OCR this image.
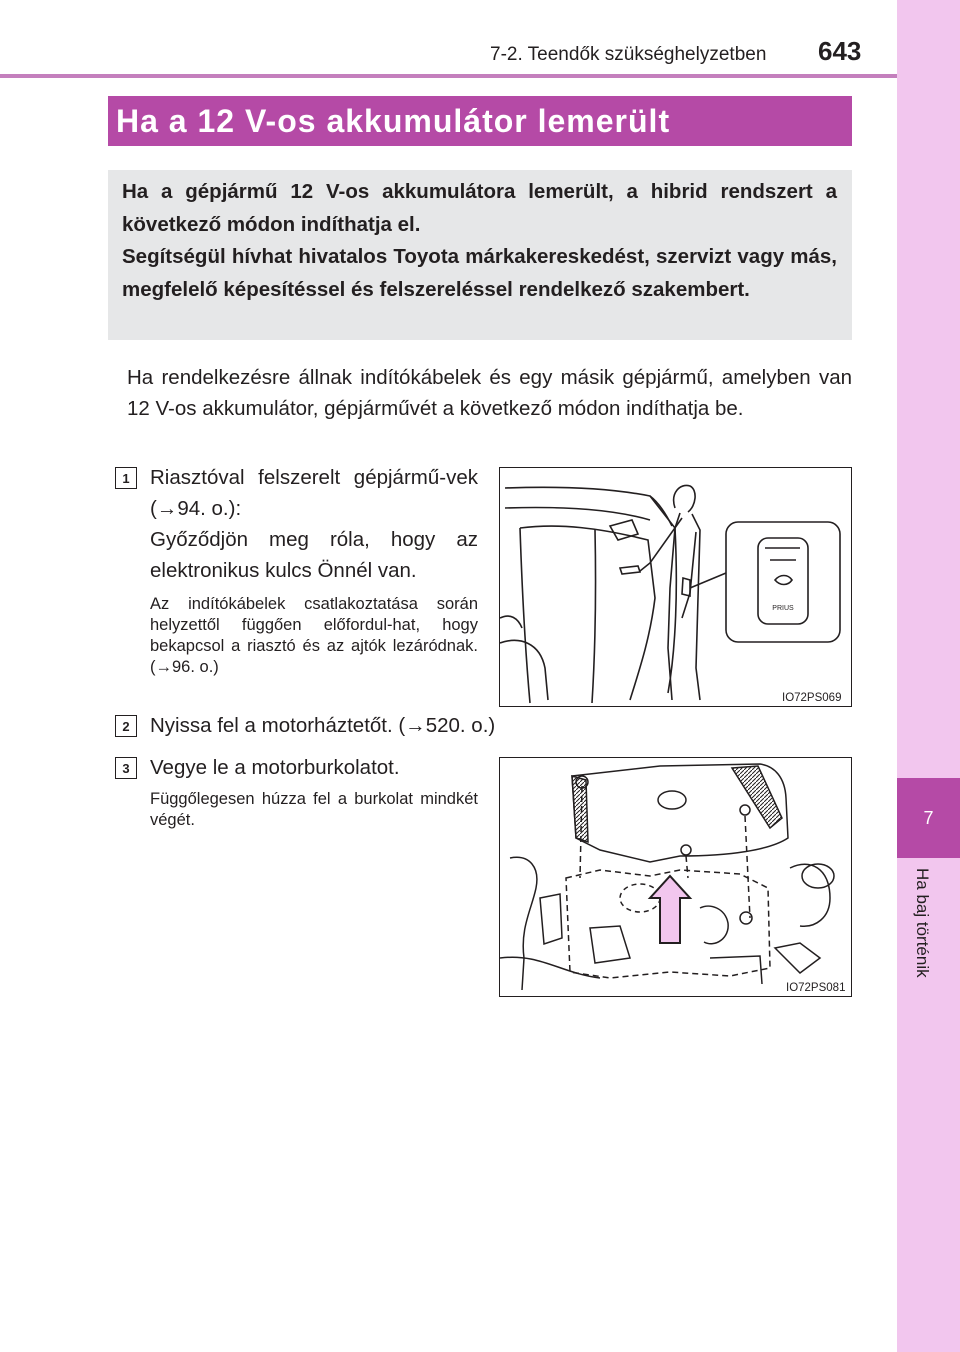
7
Ha baj történik
7-2. Teendők szükséghelyzetben 643
Ha a 12 V-os akkumulátor lemerült

Ha a gépjármű 12 V-os akkumulátora lemerült, a hibrid rendszert a következő módon indíthatja el.

Segítségül hívhat hivatalos Toyota márkakereskedést, szervizt vagy más, megfelelő képesítéssel és felszereléssel rendelkező szakembert.

Ha rendelkezésre állnak indítókábelek és egy másik gépjármű, amelyben van 12 V-os akkumulátor, gépjárművét a következő módon indíthatja be.
1 Riasztóval felszerelt gépjármű-vek (→94. o.):
Győződjön meg róla, hogy az elektronikus kulcs Önnél van.
Az indítókábelek csatlakoztatása során helyzettől függően előfordul-hat, hogy bekapcsol a riasztó és az ajtók lezáródnak. (→96. o.)
PRIUS
IO72PS069
2 Nyissa fel a motorháztetőt. (→520. o.)
3 Vegye le a motorburkolatot.
Függőlegesen húzza fel a burkolat mindkét végét.
IO72PS081
